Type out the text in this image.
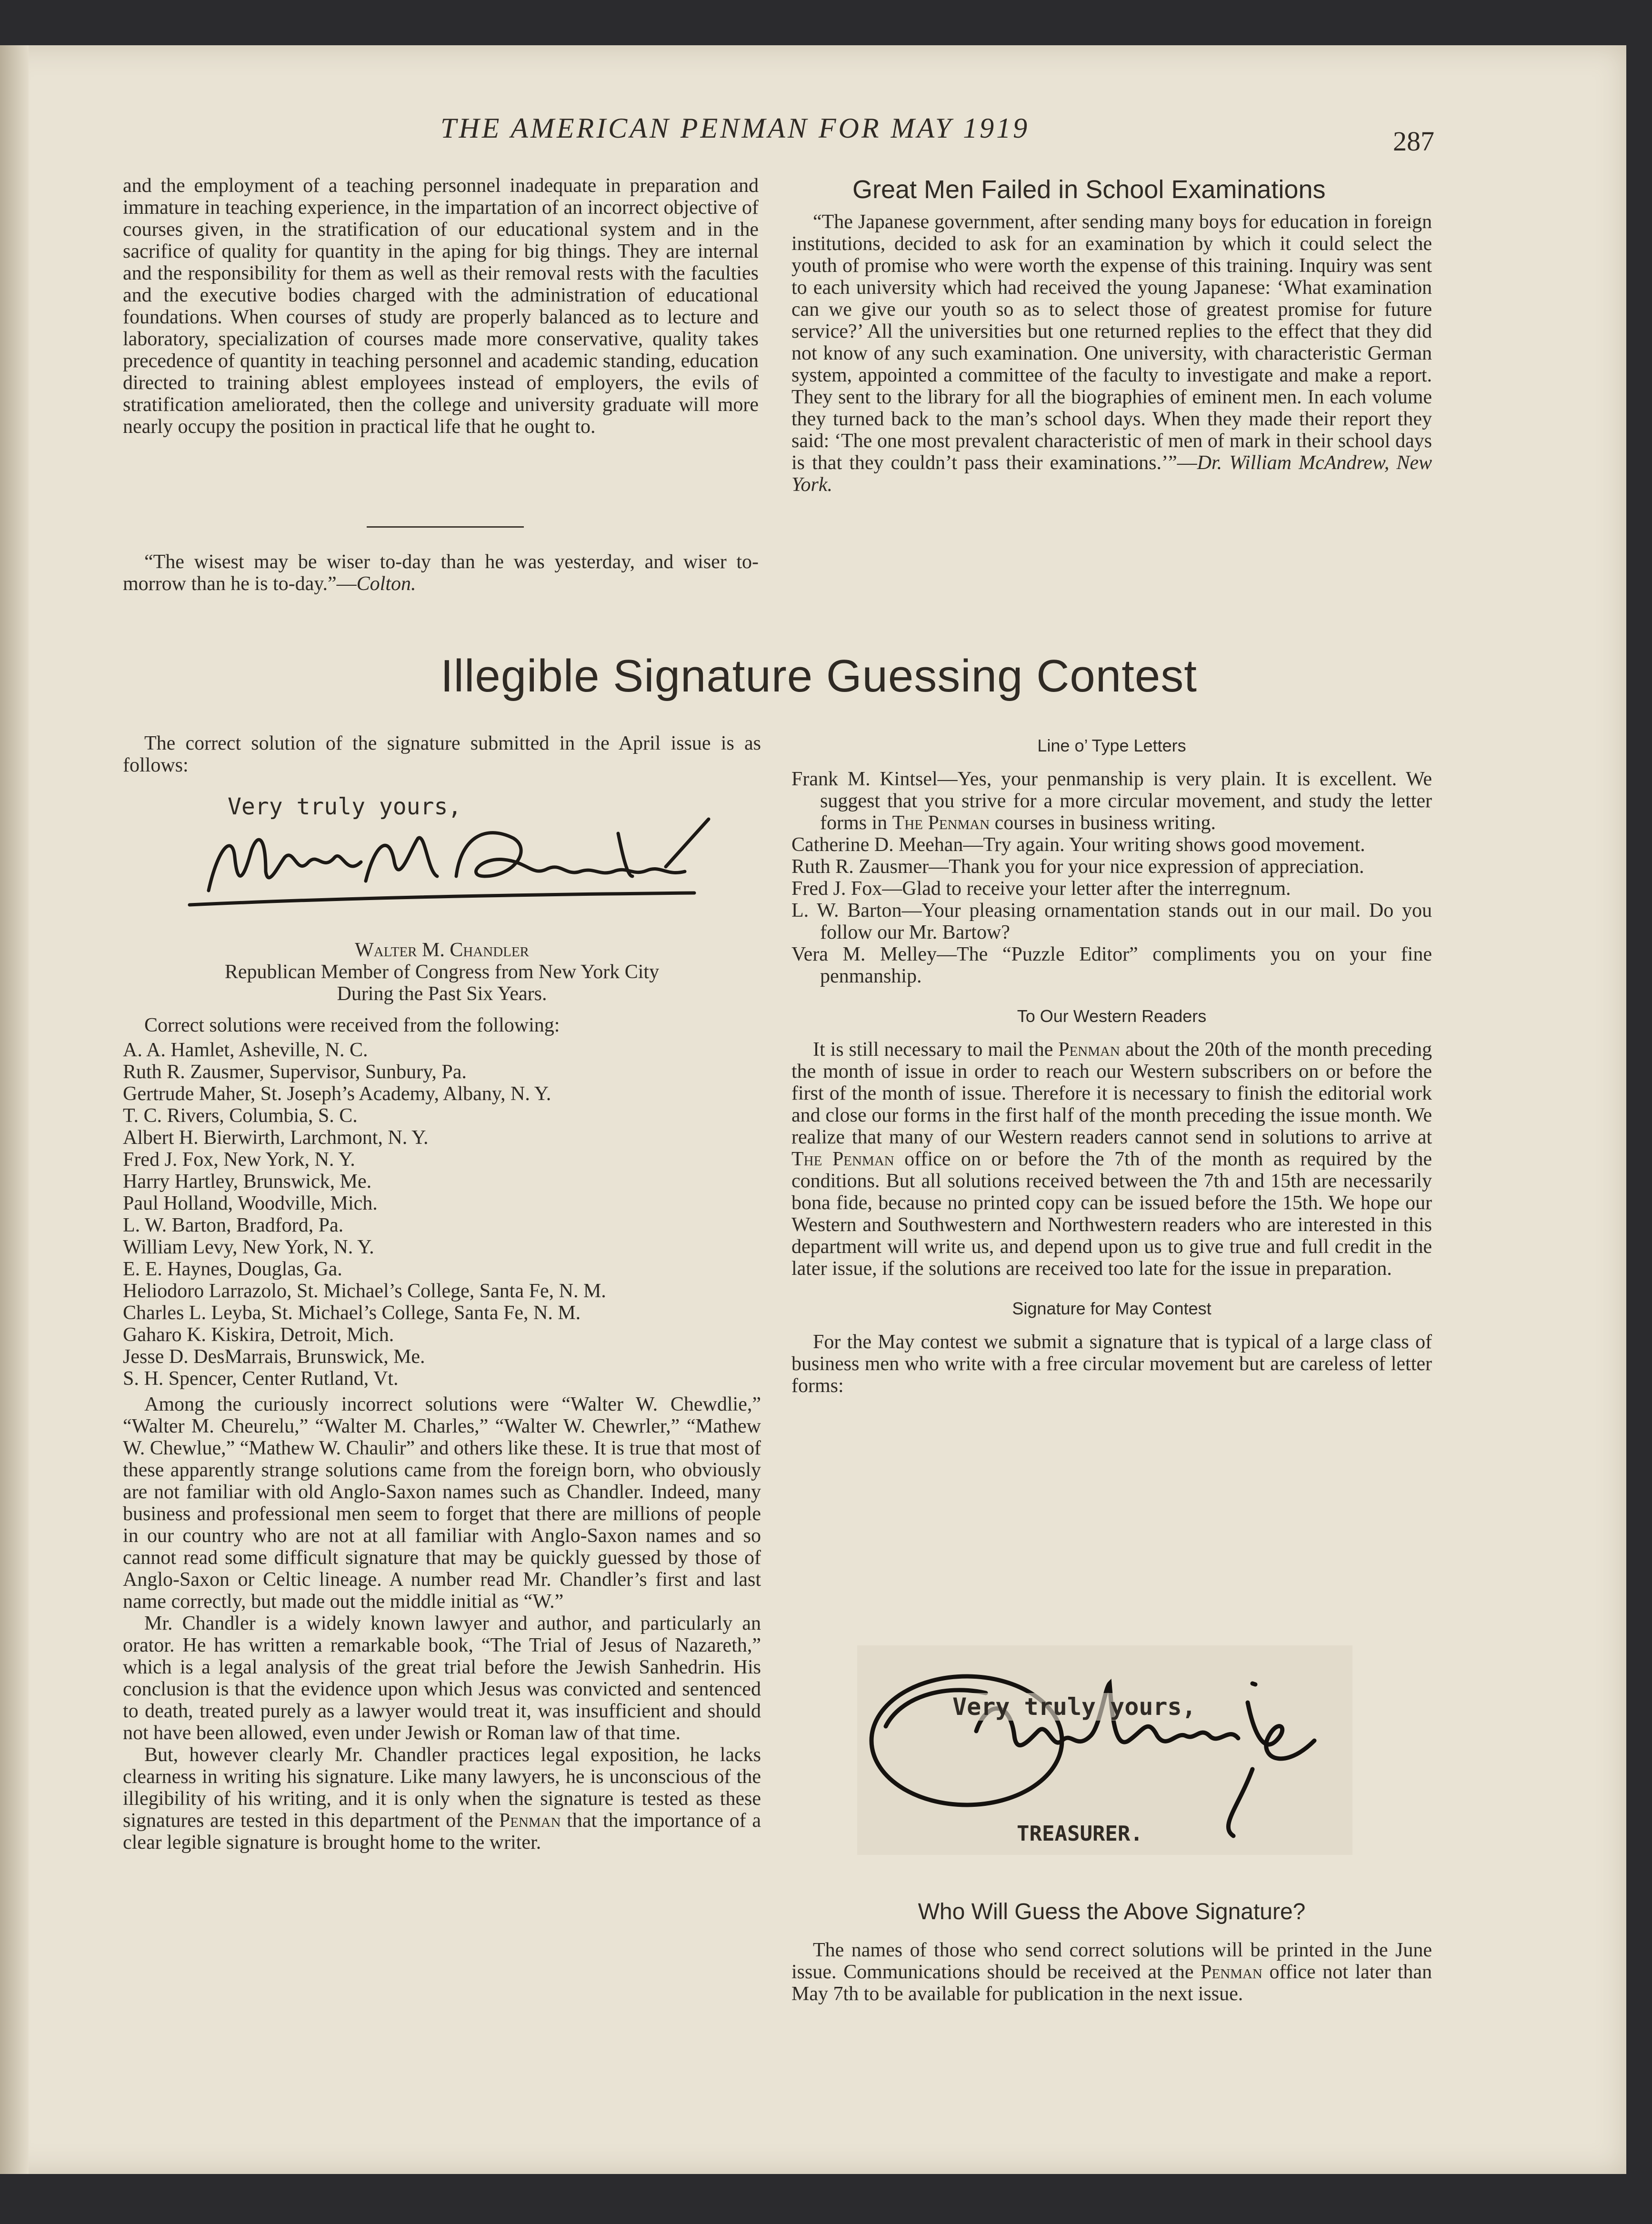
THE AMERICAN PENMAN FOR MAY 1919	287

and the employment of a teaching personnel inadequate in preparation and immature in teaching experience, in the impartation of an incorrect objective of courses given, in the stratification of our educational system and in the sacrifice of quality for quantity in the aping for big things. They are internal and the responsibility for them as well as their removal rests with the faculties and the executive bodies charged with the administration of educational foundations. When courses of study are properly balanced as to lecture and laboratory, specialization of courses made more conservative, quality takes precedence of quantity in teaching personnel and academic standing, education directed to training ablest employees instead of employers, the evils of stratification ameliorated, then the college and university graduate will more nearly occupy the position in practical life that he ought to.

“The wisest may be wiser to-day than he was yesterday, and wiser to-morrow than he is to-day.”—Colton.

Great Men Failed in School Examinations

“The Japanese government, after sending many boys for education in foreign institutions, decided to ask for an examination by which it could select the youth of promise who were worth the expense of this training. Inquiry was sent to each university which had received the young Japanese: ‘What examination can we give our youth so as to select those of greatest promise for future service?’ All the universities but one returned replies to the effect that they did not know of any such examination. One university, with characteristic German system, appointed a committee of the faculty to investigate and make a report. They sent to the library for all the biographies of eminent men. In each volume they turned back to the man’s school days. When they made their report they said: ‘The one most prevalent characteristic of men of mark in their school days is that they couldn’t pass their examinations.’”—Dr. William McAndrew, New York.

Illegible Signature Guessing Contest

The correct solution of the signature submitted in the April issue is as follows:

Very truly yours,

Walter M. Chandler

Republican Member of Congress from New York City

During the Past Six Years.

Correct solutions were received from the following:

A. A. Hamlet, Asheville, N. C.
Ruth R. Zausmer, Supervisor, Sunbury, Pa.
Gertrude Maher, St. Joseph’s Academy, Albany, N. Y.
T. C. Rivers, Columbia, S. C.
Albert H. Bierwirth, Larchmont, N. Y.
Fred J. Fox, New York, N. Y.
Harry Hartley, Brunswick, Me.
Paul Holland, Woodville, Mich.
L. W. Barton, Bradford, Pa.
William Levy, New York, N. Y.
E. E. Haynes, Douglas, Ga.
Heliodoro Larrazolo, St. Michael’s College, Santa Fe, N. M.
Charles L. Leyba, St. Michael’s College, Santa Fe, N. M.
Gaharo K. Kiskira, Detroit, Mich.
Jesse D. DesMarrais, Brunswick, Me.
S. H. Spencer, Center Rutland, Vt.

Among the curiously incorrect solutions were “Walter W. Chewdlie,” “Walter M. Cheurelu,” “Walter M. Charles,” “Walter W. Chewrler,” “Mathew W. Chewlue,” “Mathew W. Chaulir” and others like these. It is true that most of these apparently strange solutions came from the foreign born, who obviously are not familiar with old Anglo-Saxon names such as Chandler. Indeed, many business and professional men seem to forget that there are millions of people in our country who are not at all familiar with Anglo-Saxon names and so cannot read some difficult signature that may be quickly guessed by those of Anglo-Saxon or Celtic lineage. A number read Mr. Chandler’s first and last name correctly, but made out the middle initial as “W.”

Mr. Chandler is a widely known lawyer and author, and particularly an orator. He has written a remarkable book, “The Trial of Jesus of Nazareth,” which is a legal analysis of the great trial before the Jewish Sanhedrin. His conclusion is that the evidence upon which Jesus was convicted and sentenced to death, treated purely as a lawyer would treat it, was insufficient and should not have been allowed, even under Jewish or Roman law of that time.

But, however clearly Mr. Chandler practices legal exposition, he lacks clearness in writing his signature. Like many lawyers, he is unconscious of the illegibility of his writing, and it is only when the signature is tested as these signatures are tested in this department of the Penman that the importance of a clear legible signature is brought home to the writer.

Line o’ Type Letters

Frank M. Kintsel—Yes, your penmanship is very plain. It is excellent. We suggest that you strive for a more circular movement, and study the letter forms in The Penman courses in business writing.

Catherine D. Meehan—Try again. Your writing shows good movement.

Ruth R. Zausmer—Thank you for your nice expression of appreciation.

Fred J. Fox—Glad to receive your letter after the interregnum.

L. W. Barton—Your pleasing ornamentation stands out in our mail. Do you follow our Mr. Bartow?

Vera M. Melley—The “Puzzle Editor” compliments you on your fine penmanship.

To Our Western Readers

It is still necessary to mail the Penman about the 20th of the month preceding the month of issue in order to reach our Western subscribers on or before the first of the month of issue. Therefore it is necessary to finish the editorial work and close our forms in the first half of the month preceding the issue month. We realize that many of our Western readers cannot send in solutions to arrive at The Penman office on or before the 7th of the month as required by the conditions. But all solutions received between the 7th and 15th are necessarily bona fide, because no printed copy can be issued before the 15th. We hope our Western and Southwestern and Northwestern readers who are interested in this department will write us, and depend upon us to give true and full credit in the later issue, if the solutions are received too late for the issue in preparation.

Signature for May Contest

For the May contest we submit a signature that is typical of a large class of business men who write with a free circular movement but are careless of letter forms:

Very truly yours,
TREASURER.

Who Will Guess the Above Signature?

The names of those who send correct solutions will be printed in the June issue. Communications should be received at the Penman office not later than May 7th to be available for publication in the next issue.
